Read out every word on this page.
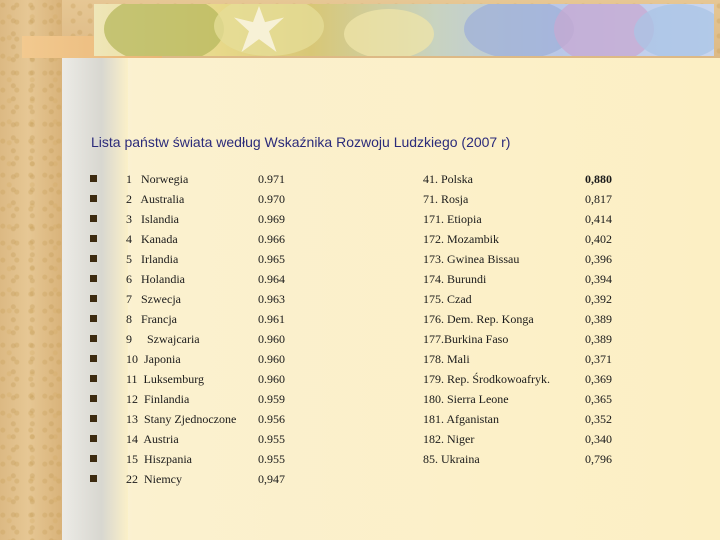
Lista państw świata według Wskaźnika Rozwoju Ludzkiego (2007 r)
1   Norwegia	0.971	41. Polska	0,880
2   Australia	0.970	71. Rosja	0,817
3   Islandia	0.969	171. Etiopia	0,414
4   Kanada	0.966	172. Mozambik	0,402
5   Irlandia	0.965	173. Gwinea Bissau	0,396
6   Holandia	0.964	174. Burundi	0,394
7   Szwecja	0.963	175. Czad	0,392
8   Francja	0.961	176. Dem. Rep. Konga	0,389
9     Szwajcaria	0.960	177.Burkina Faso	0,389
10  Japonia	0.960	178. Mali	0,371
11  Luksemburg	0.960	179. Rep. Środkowoafryk.	0,369
12  Finlandia	0.959	180. Sierra Leone	0,365
13  Stany Zjednoczone 0.956	181. Afganistan	0,352
14  Austria	0.955	182. Niger	0,340
15  Hiszpania	0.955	85. Ukraina	0,796
22  Niemcy	0,947
